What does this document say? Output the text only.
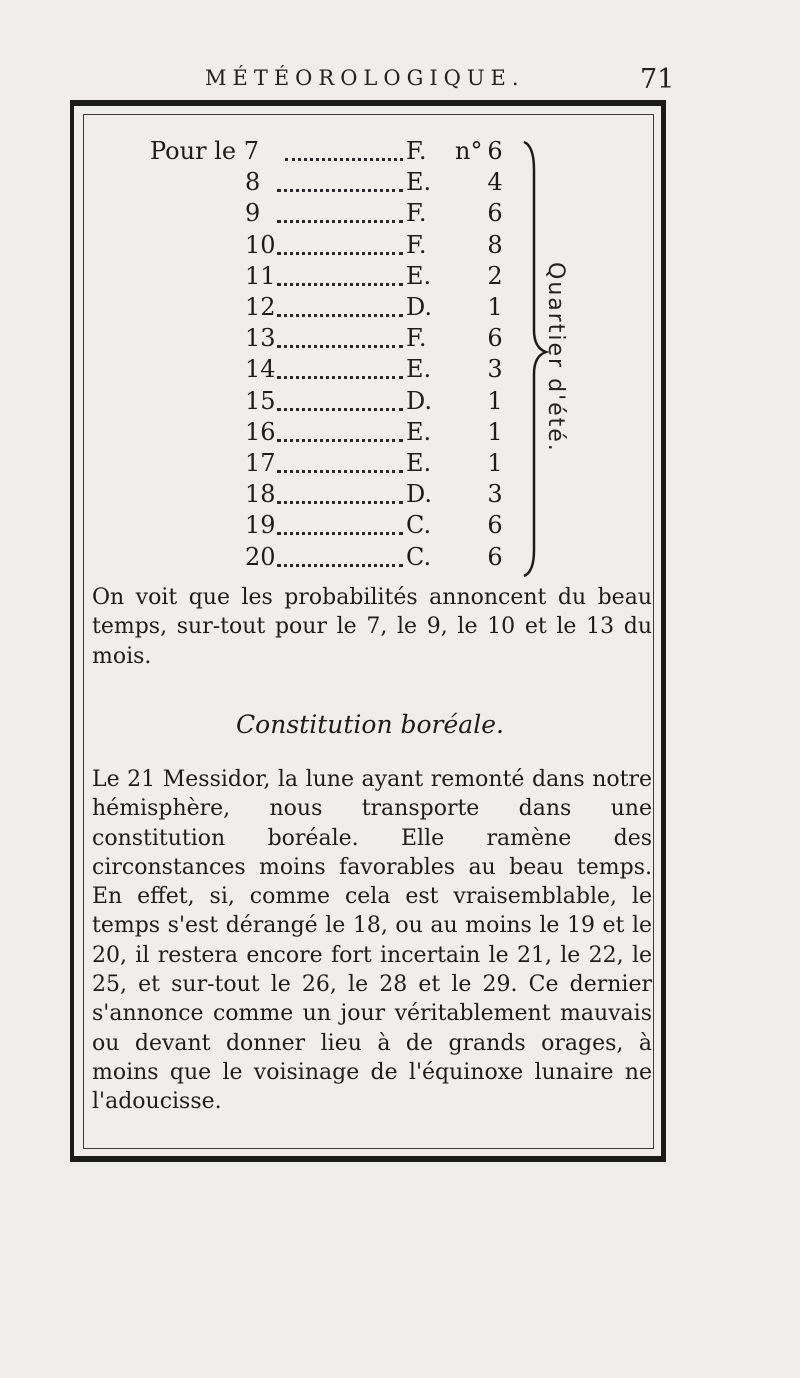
MÉTÉOROLOGIQUE.	71
Pour le 7	F. n° 6
8	E.	4
9	F.	6
10	F.	8
11	E.	2
12	D.	1
13	F.	6
14	E.	3
15	D.	1
16	E.	1
17	E.	1
18	D.	3
19	C.	6
20	C.	6
Quartier d'été.

On voit que les probabilités annoncent du beau temps, sur-tout pour le 7, le 9, le 10 et le 13 du mois.

Constitution boréale.

Le 21 Messidor, la lune ayant remonté dans notre hémisphère, nous transporte dans une constitution boréale. Elle ramène des circonstances moins favorables au beau temps. En effet, si, comme cela est vraisemblable, le temps s'est dérangé le 18, ou au moins le 19 et le 20, il restera encore fort incertain le 21, le 22, le 25, et sur-tout le 26, le 28 et le 29. Ce dernier s'annonce comme un jour véritablement mauvais ou devant donner lieu à de grands orages, à moins que le voisinage de l'équinoxe lunaire ne l'adoucisse.
